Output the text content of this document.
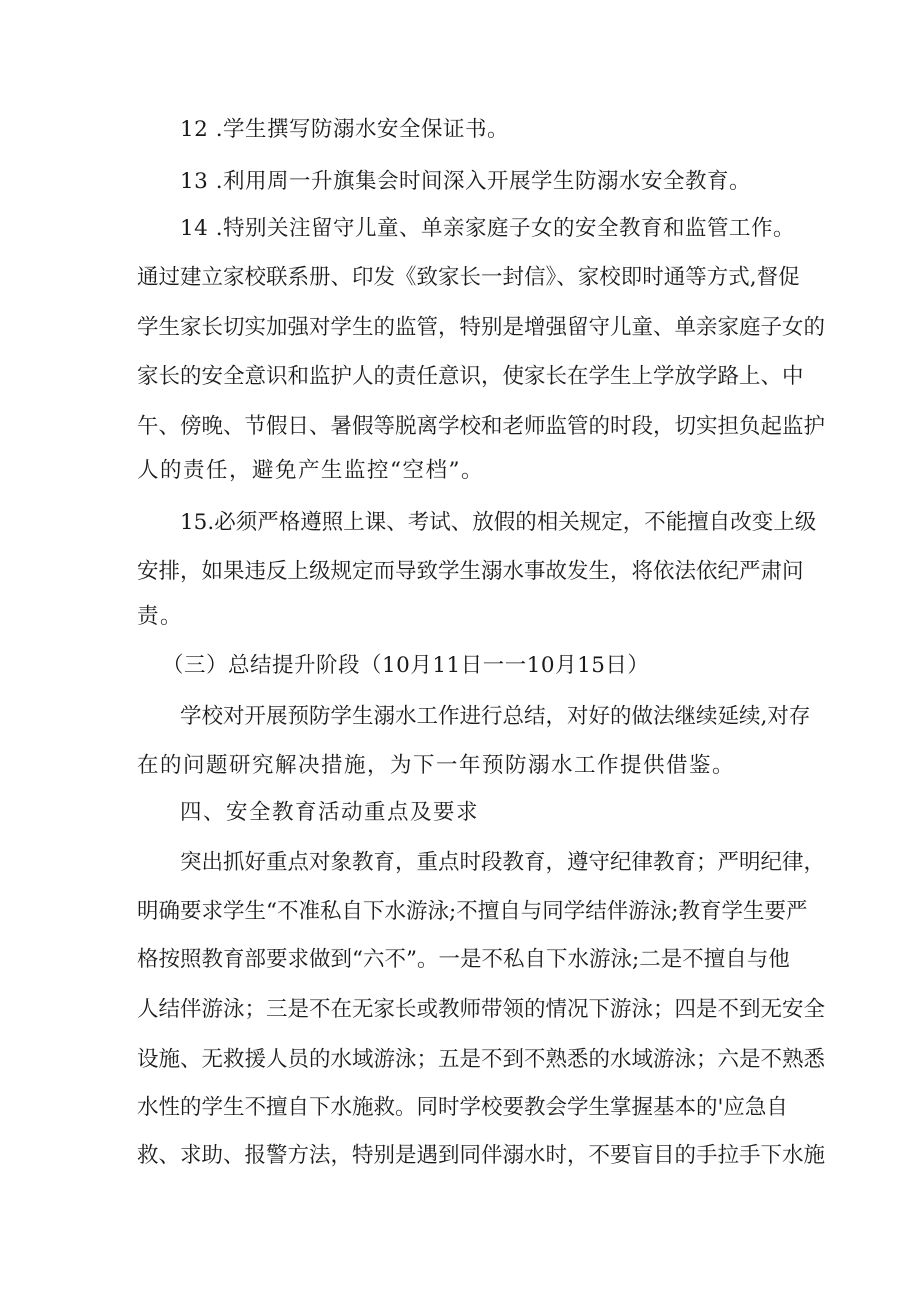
12 .学生撰写防溺水安全保证书。
13 .利用周一升旗集会时间深入开展学生防溺水安全教育。
14 .特别关注留守儿童、单亲家庭子女的安全教育和监管工作。
通过建立家校联系册、印发《致家长一封信》、家校即时通等方式,督促
学生家长切实加强对学生的监管，特别是增强留守儿童、单亲家庭子女的
家长的安全意识和监护人的责任意识，使家长在学生上学放学路上、中
午、傍晚、节假日、暑假等脱离学校和老师监管的时段，切实担负起监护
人的责任，避免产生监控“空档”。
15.必须严格遵照上课、考试、放假的相关规定，不能擅自改变上级
安排，如果违反上级规定而导致学生溺水事故发生，将依法依纪严肃问
责。
（三）总结提升阶段（10月11日一一10月15日）
学校对开展预防学生溺水工作进行总结，对好的做法继续延续,对存
在的问题研究解决措施，为下一年预防溺水工作提供借鉴。
四、安全教育活动重点及要求
突出抓好重点对象教育，重点时段教育，遵守纪律教育；严明纪律，
明确要求学生“不准私自下水游泳;不擅自与同学结伴游泳;教育学生要严
格按照教育部要求做到“六不”。一是不私自下水游泳;二是不擅自与他
人结伴游泳；三是不在无家长或教师带领的情况下游泳；四是不到无安全
设施、无救援人员的水域游泳；五是不到不熟悉的水域游泳；六是不熟悉
水性的学生不擅自下水施救。同时学校要教会学生掌握基本的'应急自
救、求助、报警方法，特别是遇到同伴溺水时，不要盲目的手拉手下水施
